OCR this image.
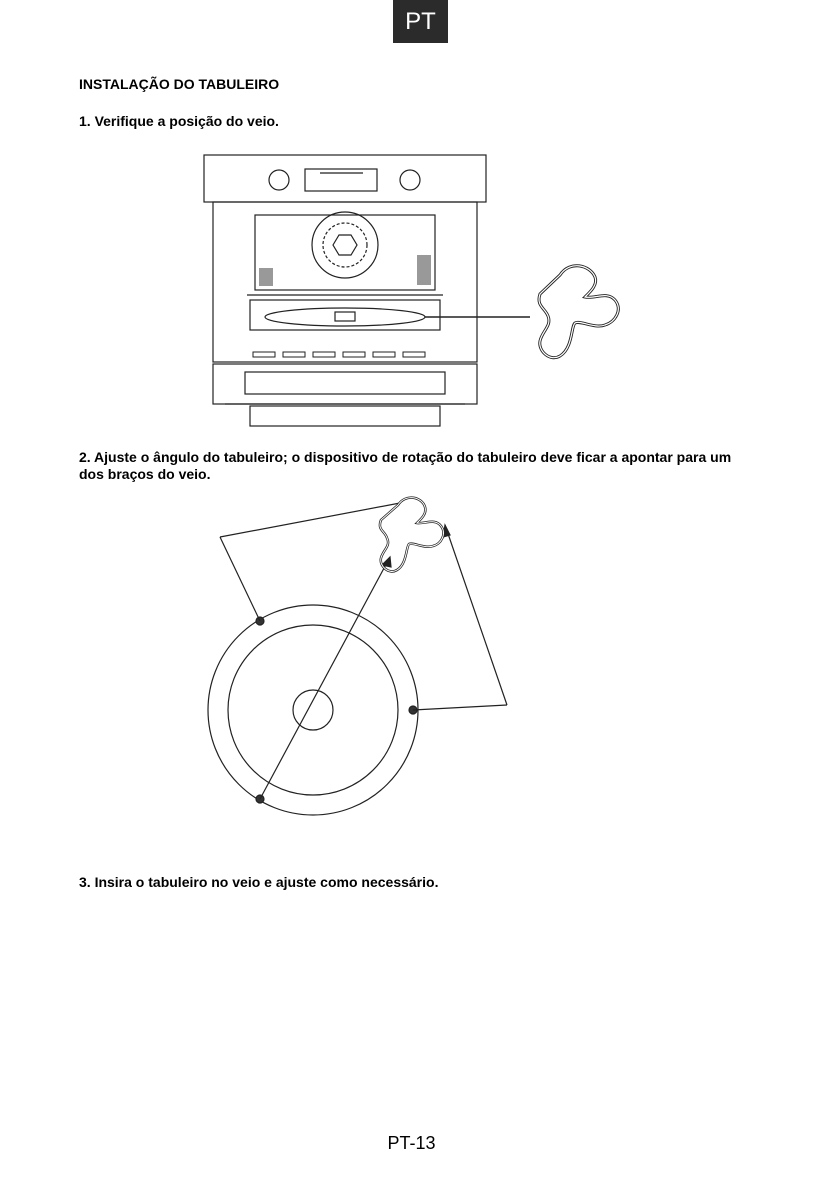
PT
INSTALAÇÃO DO TABULEIRO

1. Verifique a posição do veio.

2. Ajuste o ângulo do tabuleiro; o dispositivo de rotação do tabuleiro deve ficar a apontar para um dos braços do veio.

3. Insira o tabuleiro no veio e ajuste como necessário.

PT-13
